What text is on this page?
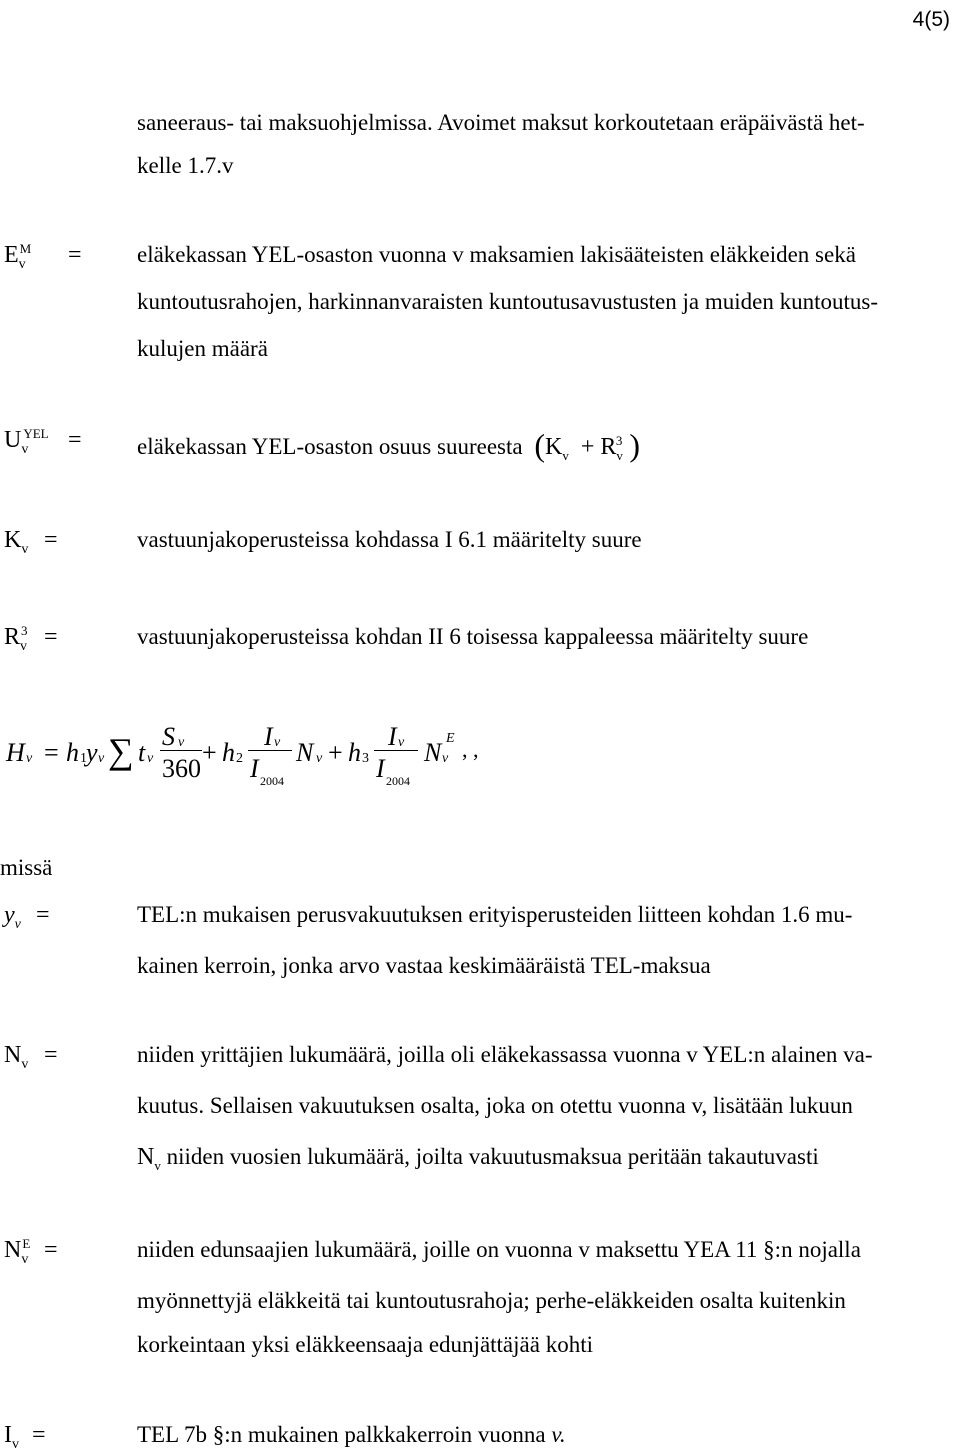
4(5)
saneeraus- tai maksuohjelmissa. Avoimet maksut korkoutetaan eräpäivästä het-
kelle 1.7.v
$E_v^M$ = eläkekassan YEL-osaston vuonna v maksamien lakisääteisten eläkkeiden sekä
kuntoutusrahojen, harkinnanvaraisten kuntoutusavustusten ja muiden kuntoutus-
kulujen määrä
$U_v^{YEL}$ = eläkekassan YEL-osaston osuus suureesta ($K_v + R_v^3$ )
$K_v$ =	vastuunjakoperusteissa kohdassa I 6.1 määritelty suure
$R_v^3$ =	vastuunjakoperusteissa kohdan II 6 toisessa kappaleessa määritelty suure
H v = h 1 y v ∑ t v
S v
360
+ h 2
I v
I 2004
N v + h 3
I v
I 2004
N v
E , ,
missä
$y_v$ =	TEL:n mukaisen perusvakuutuksen erityisperusteiden liitteen kohdan 1.6 mu-
kainen kerroin, jonka arvo vastaa keskimääräistä TEL-maksua
$N_v$ =	niiden yrittäjien lukumäärä, joilla oli eläkekassassa vuonna v YEL:n alainen va-
kuutus. Sellaisen vakuutuksen osalta, joka on otettu vuonna v, lisätään lukuun
$N_v$ niiden vuosien lukumäärä, joilta vakuutusmaksua peritään takautuvasti
$N_v^E$ =	niiden edunsaajien lukumäärä, joille on vuonna v maksettu YEA 11 §:n nojalla
myönnettyjä eläkkeitä tai kuntoutusrahoja; perhe-eläkkeiden osalta kuitenkin
korkeintaan yksi eläkkeensaaja edunjättäjää kohti
$I_v$ =	TEL 7b §:n mukainen palkkakerroin vuonna v.
